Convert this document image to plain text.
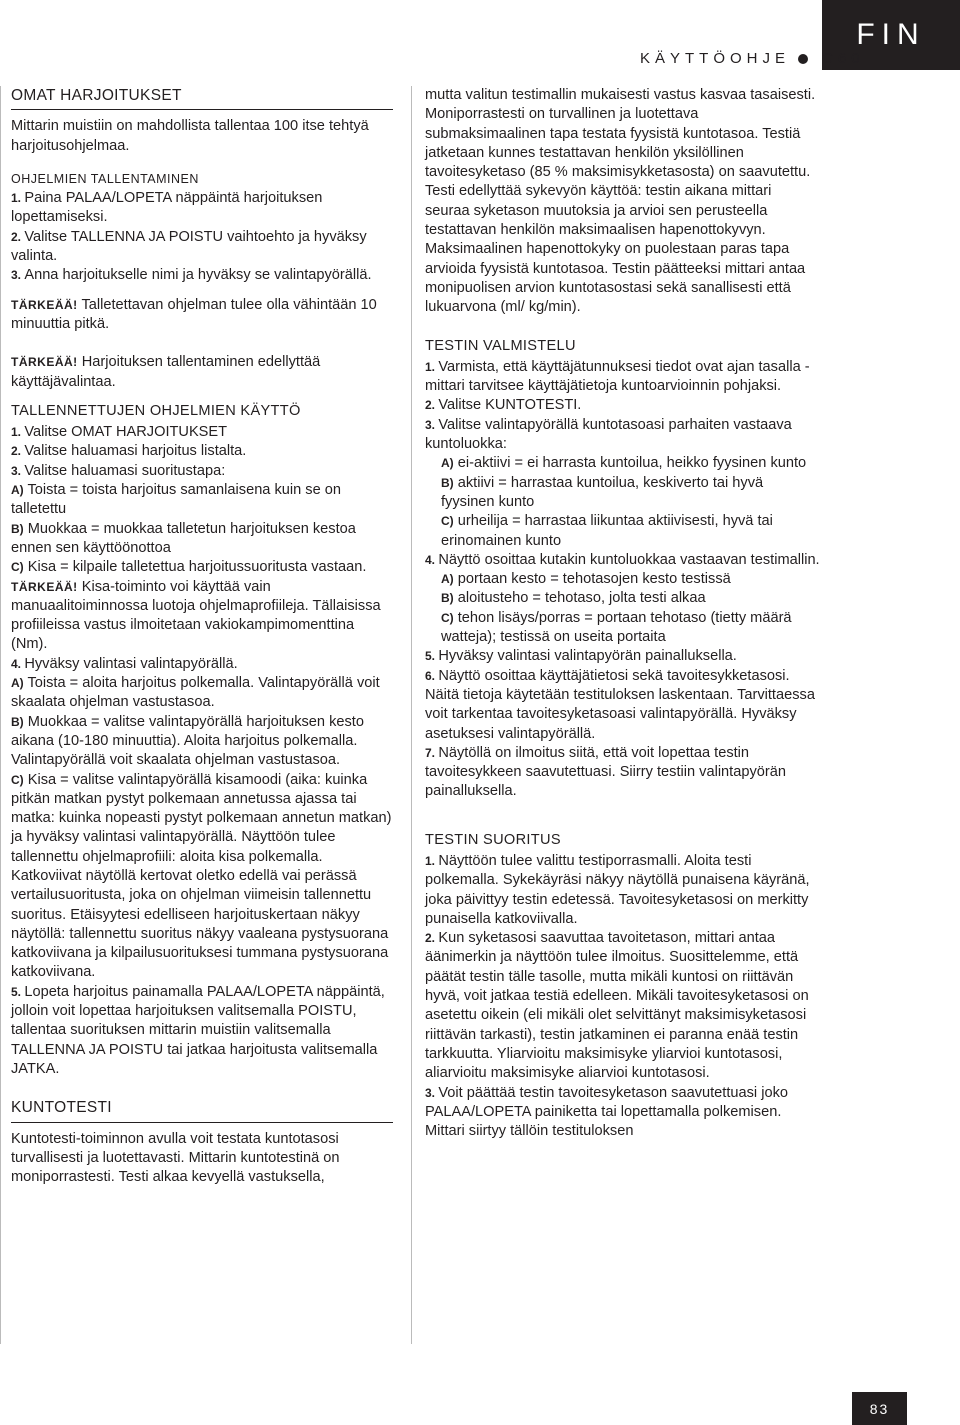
FIN
KÄYTTÖOHJE C60
OMAT HARJOITUKSET

Mittarin muistiin on mahdollista tallentaa 100 itse tehtyä harjoitusohjelmaa.

OHJELMIEN TALLENTAMINEN

1. Paina PALAA/LOPETA näppäintä harjoituksen lopettamiseksi.

2. Valitse TALLENNA JA POISTU vaihtoehto ja hyväksy valinta.

3. Anna harjoitukselle nimi ja hyväksy se valintapyörällä.

TÄRKEÄÄ! Talletettavan ohjelman tulee olla vähintään 10 minuuttia pitkä.

TÄRKEÄÄ! Harjoituksen tallentaminen edellyttää käyttäjävalintaa.

TALLENNETTUJEN OHJELMIEN KÄYTTÖ

1. Valitse OMAT HARJOITUKSET

2. Valitse haluamasi harjoitus listalta.

3. Valitse haluamasi suoritustapa:

A) Toista = toista harjoitus samanlaisena kuin se on talletettu

B) Muokkaa = muokkaa talletetun harjoituksen kestoa ennen sen käyttöönottoa

C) Kisa = kilpaile talletettua harjoitussuoritusta vastaan.

TÄRKEÄÄ! Kisa-toiminto voi käyttää vain manuaalitoiminnossa luotoja ohjelmaprofiileja. Tällaisissa profiileissa vastus ilmoitetaan vakiokampimomenttina (Nm).

4. Hyväksy valintasi valintapyörällä.

A) Toista = aloita harjoitus polkemalla. Valintapyörällä voit skaalata ohjelman vastustasoa.

B) Muokkaa = valitse valintapyörällä harjoituksen kesto aikana (10-180 minuuttia). Aloita harjoitus polkemalla. Valintapyörällä voit skaalata ohjelman vastustasoa.

C) Kisa = valitse valintapyörällä kisamoodi (aika: kuinka pitkän matkan pystyt polkemaan annetussa ajassa tai matka: kuinka nopeasti pystyt polkemaan annetun matkan) ja hyväksy valintasi valintapyörällä. Näyttöön tulee tallennettu ohjelmaprofiili: aloita kisa polkemalla. Katkoviivat näytöllä kertovat oletko edellä vai perässä vertailusuoritusta, joka on ohjelman viimeisin tallennettu suoritus. Etäisyytesi edelliseen harjoituskertaan näkyy näytöllä: tallennettu suoritus näkyy vaaleana pystysuorana katkoviivana ja kilpailusuorituksesi tummana pystysuorana katkoviivana.

5. Lopeta harjoitus painamalla PALAA/LOPETA näppäintä, jolloin voit lopettaa harjoituksen valitsemalla POISTU, tallentaa suorituksen mittarin muistiin valitsemalla TALLENNA JA POISTU tai jatkaa harjoitusta valitsemalla JATKA.

KUNTOTESTI

Kuntotesti-toiminnon avulla voit testata kuntotasosi turvallisesti ja luotettavasti. Mittarin kuntotestinä on moniporrastesti. Testi alkaa kevyellä vastuksella,

mutta valitun testimallin mukaisesti vastus kasvaa tasaisesti. Moniporrastesti on turvallinen ja luotettava submaksimaalinen tapa testata fyysistä kuntotasoa. Testiä jatketaan kunnes testattavan henkilön yksilöllinen tavoitesyketaso (85 % maksimisykketasosta) on saavutettu. Testi edellyttää sykevyön käyttöä: testin aikana mittari seuraa syketason muutoksia ja arvioi sen perusteella testattavan henkilön maksimaalisen hapenottokyvyn. Maksimaalinen hapenottokyky on puolestaan paras tapa arvioida fyysistä kuntotasoa. Testin päätteeksi mittari antaa monipuolisen arvion kuntotasostasi sekä sanallisesti että lukuarvona (ml/ kg/min).

TESTIN VALMISTELU

1. Varmista, että käyttäjätunnuksesi tiedot ovat ajan tasalla - mittari tarvitsee käyttäjätietoja kuntoarvioinnin pohjaksi.

2. Valitse KUNTOTESTI.

3. Valitse valintapyörällä kuntotasoasi parhaiten vastaava kuntoluokka:

A) ei-aktiivi = ei harrasta kuntoilua, heikko fyysinen kunto

B) aktiivi = harrastaa kuntoilua, keskiverto tai hyvä fyysinen kunto

C) urheilija = harrastaa liikuntaa aktiivisesti, hyvä tai erinomainen kunto

4. Näyttö osoittaa kutakin kuntoluokkaa vastaavan testimallin.

A) portaan kesto = tehotasojen kesto testissä

B) aloitusteho = tehotaso, jolta testi alkaa

C) tehon lisäys/porras = portaan tehotaso (tietty määrä

watteja); testissä on useita portaita

5. Hyväksy valintasi valintapyörän painalluksella.

6. Näyttö osoittaa käyttäjätietosi sekä tavoitesykketasosi. Näitä tietoja käytetään testituloksen laskentaan. Tarvittaessa voit tarkentaa tavoitesyketasoasi valintapyörällä. Hyväksy asetuksesi valintapyörällä.

7. Näytöllä on ilmoitus siitä, että voit lopettaa testin tavoitesykkeen saavutettuasi. Siirry testiin valintapyörän painalluksella.

TESTIN SUORITUS

1. Näyttöön tulee valittu testiporrasmalli. Aloita testi polkemalla. Sykekäyräsi näkyy näytöllä punaisena käyränä, joka päivittyy testin edetessä. Tavoitesyketasosi on merkitty punaisella katkoviivalla.

2. Kun syketasosi saavuttaa tavoitetason, mittari antaa äänimerkin ja näyttöön tulee ilmoitus. Suosittelemme, että päätät testin tälle tasolle, mutta mikäli kuntosi on riittävän hyvä, voit jatkaa testiä edelleen. Mikäli tavoitesyketasosi on asetettu oikein (eli mikäli olet selvittänyt maksimisyketasosi riittävän tarkasti), testin jatkaminen ei paranna enää testin tarkkuutta. Yliarvioitu maksimisyke yliarvioi kuntotasosi, aliarvioitu maksimisyke aliarvioi kuntotasosi.

3. Voit päättää testin tavoitesyketason saavutettuasi joko PALAA/LOPETA painiketta tai lopettamalla polkemisen. Mittari siirtyy tällöin testituloksen

83
